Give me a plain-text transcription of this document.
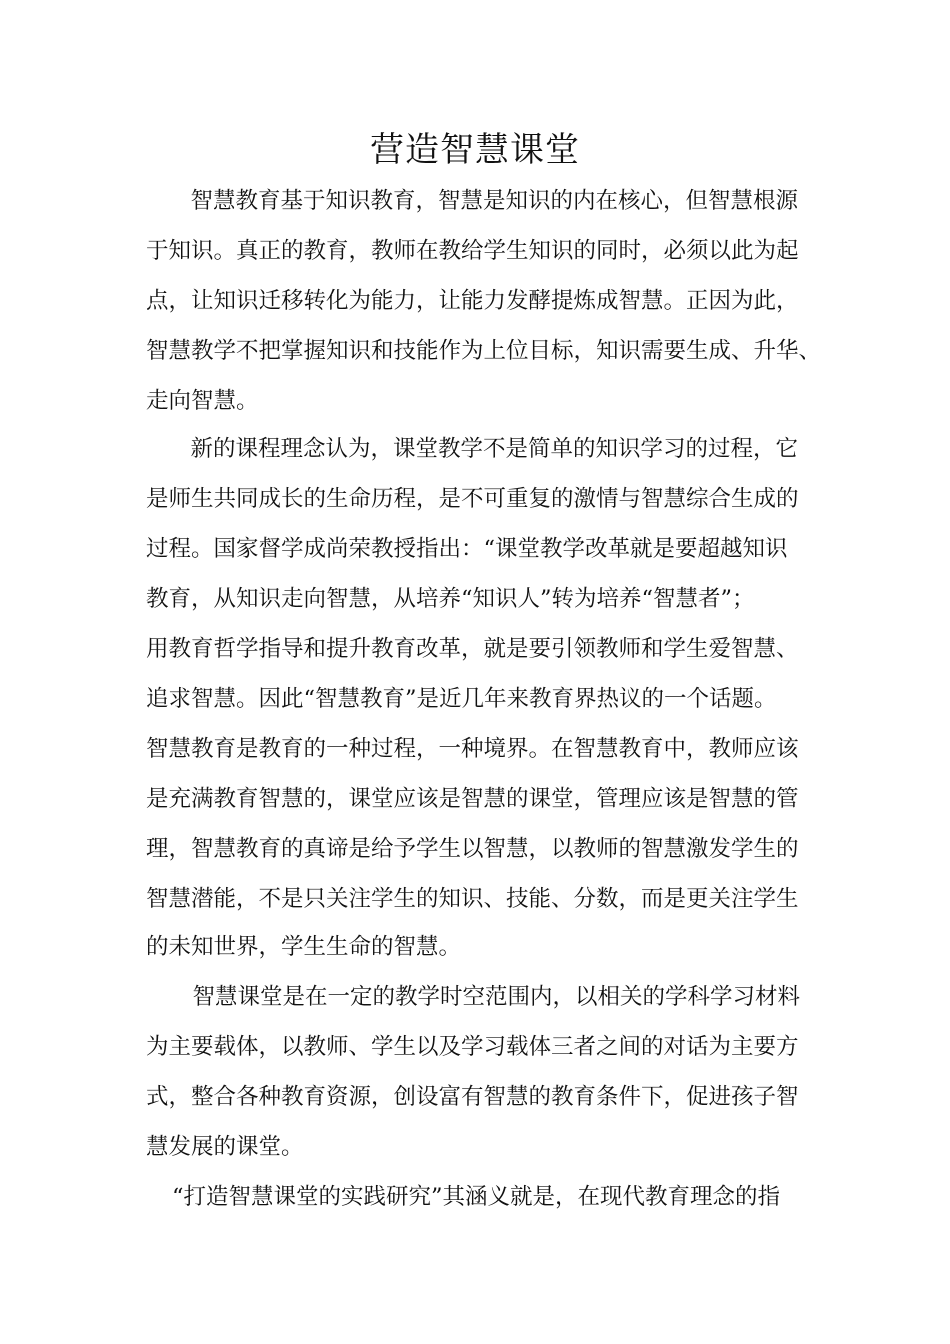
营造智慧课堂
　智慧教育基于知识教育，智慧是知识的内在核心，但智慧根源
于知识。真正的教育，教师在教给学生知识的同时，必须以此为起
点，让知识迁移转化为能力，让能力发酵提炼成智慧。正因为此，
智慧教学不把掌握知识和技能作为上位目标，知识需要生成、升华、
走向智慧。
　新的课程理念认为，课堂教学不是简单的知识学习的过程，它
是师生共同成长的生命历程，是不可重复的激情与智慧综合生成的
过程。国家督学成尚荣教授指出：“课堂教学改革就是要超越知识
教育，从知识走向智慧，从培养“知识人”转为培养“智慧者”；
用教育哲学指导和提升教育改革，就是要引领教师和学生爱智慧、
追求智慧。因此“智慧教育”是近几年来教育界热议的一个话题。
智慧教育是教育的一种过程，一种境界。在智慧教育中，教师应该
是充满教育智慧的，课堂应该是智慧的课堂，管理应该是智慧的管
理，智慧教育的真谛是给予学生以智慧，以教师的智慧激发学生的
智慧潜能，不是只关注学生的知识、技能、分数，而是更关注学生
的未知世界，学生生命的智慧。
　智慧课堂是在一定的教学时空范围内，以相关的学科学习材料
为主要载体，以教师、学生以及学习载体三者之间的对话为主要方
式，整合各种教育资源，创设富有智慧的教育条件下，促进孩子智
慧发展的课堂。
“打造智慧课堂的实践研究”其涵义就是，在现代教育理念的指
